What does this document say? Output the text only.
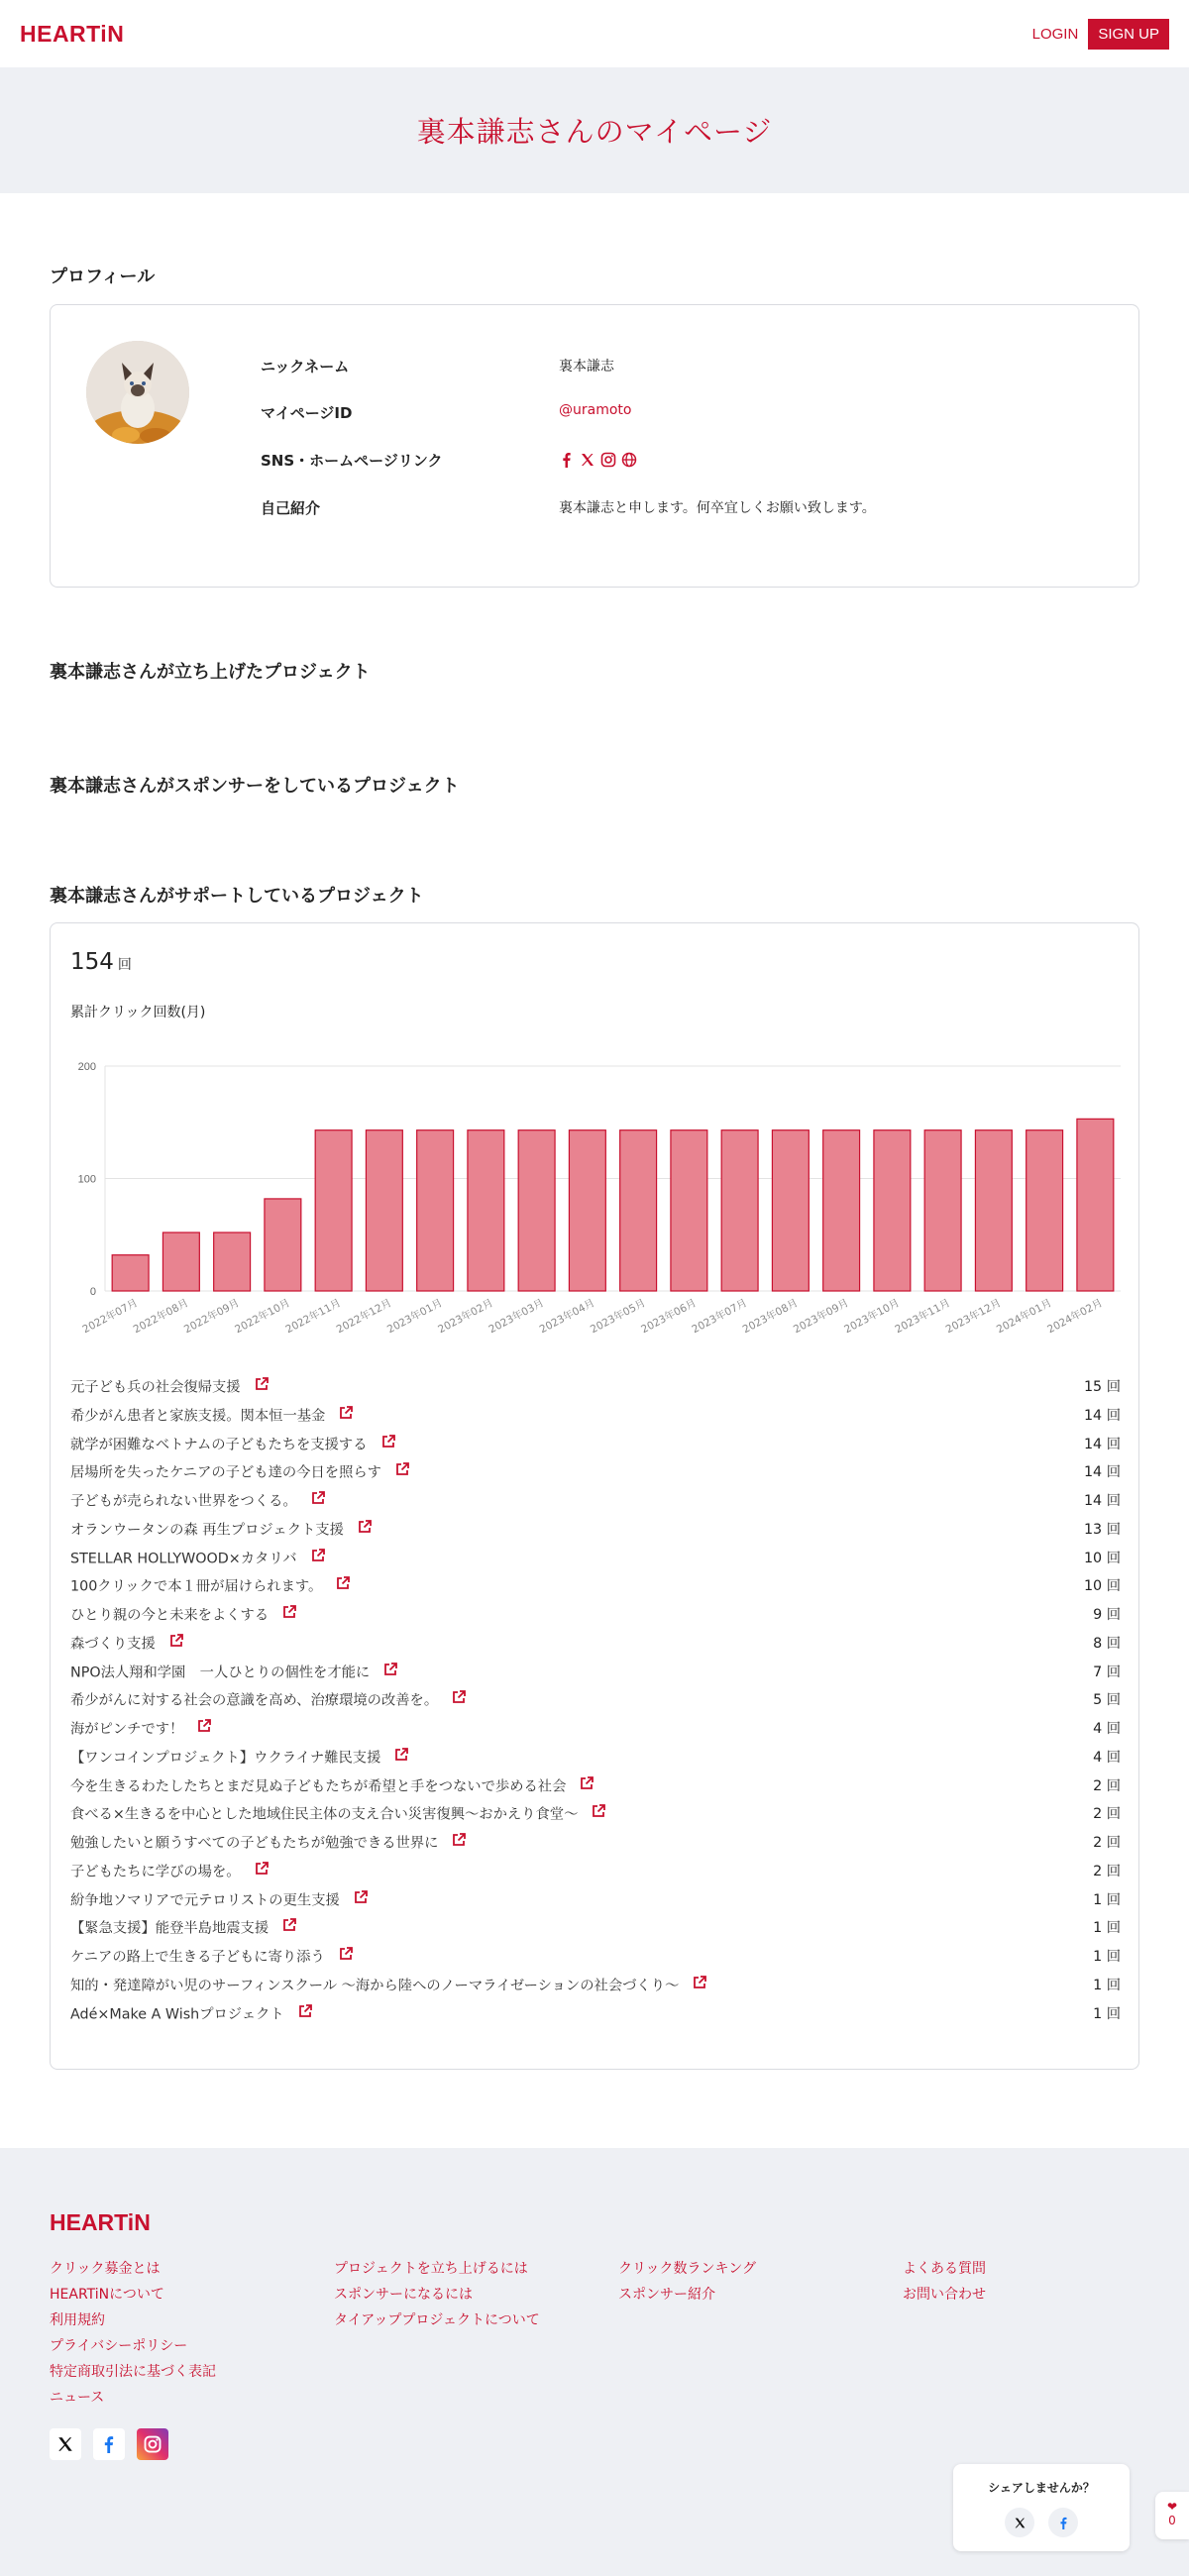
HEARTiN	LOGIN	SIGN UP
裏本謙志さんのマイページ
プロフィール
ニックネーム	裏本謙志
マイページID	@uramoto
SNS・ホームページリンク
自己紹介	裏本謙志と申します。何卒宜しくお願い致します。
裏本謙志さんが立ち上げたプロジェクト
裏本謙志さんがスポンサーをしているプロジェクト
裏本謙志さんがサポートしているプロジェクト
154 回
累計クリック回数(月)
0
100
200
2022年07月
2022年08月
2022年09月
2022年10月
2022年11月
2022年12月
2023年01月
2023年02月
2023年03月
2023年04月
2023年05月
2023年06月
2023年07月
2023年08月
2023年09月
2023年10月
2023年11月
2023年12月
2024年01月
2024年02月
元子ども兵の社会復帰支援	15 回
希少がん患者と家族支援。関本恒一基金	14 回
就学が困難なベトナムの子どもたちを支援する	14 回
居場所を失ったケニアの子ども達の今日を照らす	14 回
子どもが売られない世界をつくる。	14 回
オランウータンの森 再生プロジェクト支援	13 回
STELLAR HOLLYWOOD×カタリバ	10 回
100クリックで本１冊が届けられます。	10 回
ひとり親の今と未来をよくする	9 回
森づくり支援	8 回
NPO法人翔和学園　一人ひとりの個性を才能に	7 回
希少がんに対する社会の意識を高め、治療環境の改善を。	5 回
海がピンチです！	4 回
【ワンコインプロジェクト】ウクライナ難民支援	4 回
今を生きるわたしたちとまだ見ぬ子どもたちが希望と手をつないで歩める社会	2 回
食べる×生きるを中心とした地域住民主体の支え合い災害復興〜おかえり食堂〜	2 回
勉強したいと願うすべての子どもたちが勉強できる世界に	2 回
子どもたちに学びの場を。	2 回
紛争地ソマリアで元テロリストの更生支援	1 回
【緊急支援】能登半島地震支援	1 回
ケニアの路上で生きる子どもに寄り添う	1 回
知的・発達障がい児のサーフィンスクール 〜海から陸へのノーマライゼーションの社会づくり〜	1 回
Adé×Make A Wishプロジェクト	1 回
HEARTiN
クリック募金とは
HEARTiNについて
利用規約
プライバシーポリシー
特定商取引法に基づく表記
ニュース
プロジェクトを立ち上げるには
スポンサーになるには
タイアッププロジェクトについて
クリック数ランキング
スポンサー紹介
よくある質問
お問い合わせ
シェアしませんか？
❤
0
